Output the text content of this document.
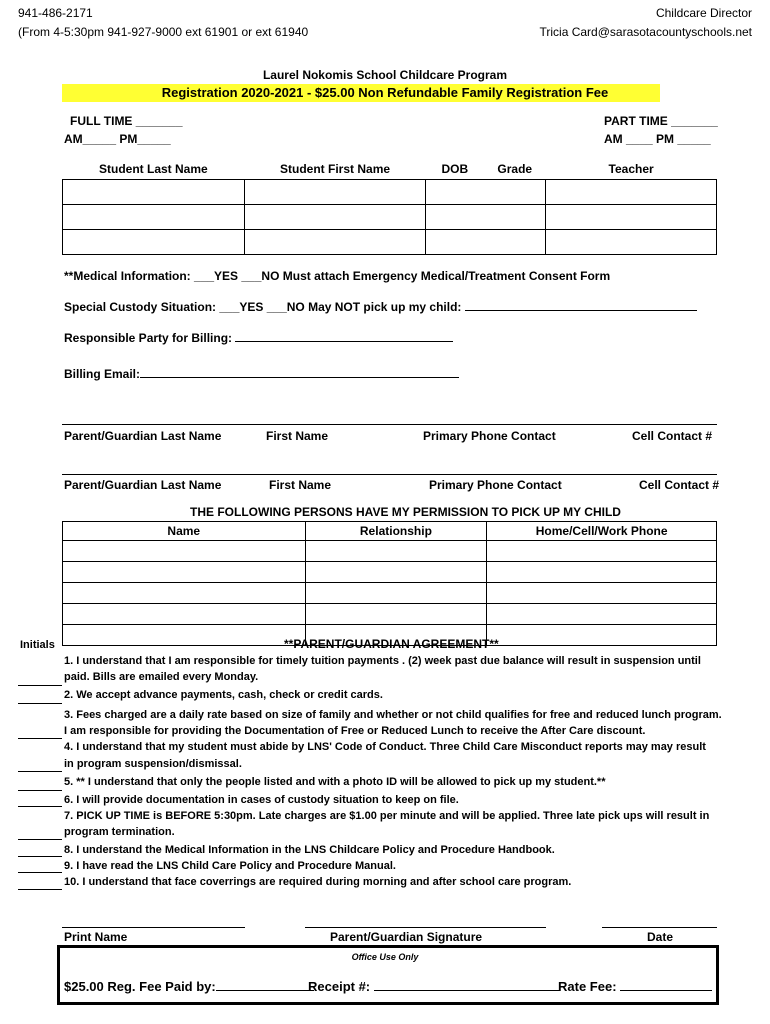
941-486-2171
(From 4-5:30pm 941-927-9000 ext 61901 or ext 61940
Childcare Director
Tricia Card@sarasotacountyschools.net
Laurel Nokomis School Childcare Program
Registration 2020-2021 - $25.00 Non Refundable Family Registration Fee
FULL TIME _______
AM_____ PM_____
PART TIME _______
AM ____ PM _____
Student Last Name	Student First Name	DOB	Grade	Teacher

**Medical Information: ___YES ___NO Must attach Emergency Medical/Treatment Consent Form
Special Custody Situation: ___YES ___NO May NOT pick up my child:
Responsible Party for Billing:
Billing Email:
Parent/Guardian Last Name	First Name	Primary Phone Contact	Cell Contact #
Parent/Guardian Last Name	First Name	Primary Phone Contact	Cell Contact #
THE FOLLOWING PERSONS HAVE MY PERMISSION TO PICK UP MY CHILD
Name	Relationship	Home/Cell/Work Phone

Initials	**PARENT/GUARDIAN AGREEMENT**
1. I understand that I am responsible for timely tuition payments . (2) week past due balance will result in suspension until
paid. Bills are emailed every Monday.
2. We accept advance payments, cash, check or credit cards.
3. Fees charged are a daily rate based on size of family and whether or not child qualifies for free and reduced lunch program.
I am responsible for providing the Documentation of Free or Reduced Lunch to receive the After Care discount.
4. I understand that my student must abide by LNS' Code of Conduct. Three Child Care Misconduct reports may may result
in program suspension/dismissal.
5. ** I understand that only the people listed and with a photo ID will be allowed to pick up my student.**
6. I will provide documentation in cases of custody situation to keep on file.
7. PICK UP TIME is BEFORE 5:30pm. Late charges are $1.00 per minute and will be applied. Three late pick ups will result in
program termination.
8. I understand the Medical Information in the LNS Childcare Policy and Procedure Handbook.
9. I have read the LNS Child Care Policy and Procedure Manual.
10. I understand that face coverrings are required during morning and after school care program.
Print Name	Parent/Guardian Signature	Date
Office Use Only
$25.00 Reg. Fee Paid by:	Receipt #:	Rate Fee:
